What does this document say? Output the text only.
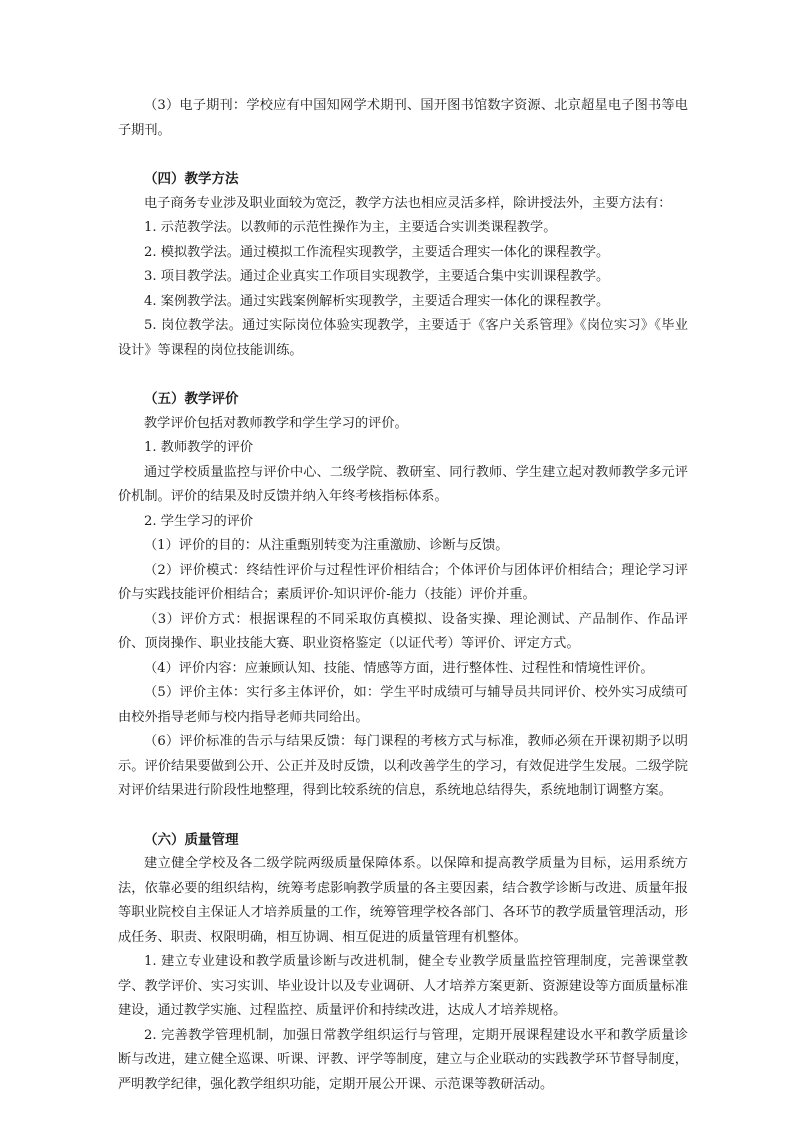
（3）电子期刊：学校应有中国知网学术期刊、国开图书馆数字资源、北京超星电子图书等电子期刊。

（四）教学方法

电子商务专业涉及职业面较为宽泛，教学方法也相应灵活多样，除讲授法外，主要方法有：

1. 示范教学法。以教师的示范性操作为主，主要适合实训类课程教学。

2. 模拟教学法。通过模拟工作流程实现教学，主要适合理实一体化的课程教学。

3. 项目教学法。通过企业真实工作项目实现教学，主要适合集中实训课程教学。

4. 案例教学法。通过实践案例解析实现教学，主要适合理实一体化的课程教学。

5. 岗位教学法。通过实际岗位体验实现教学，主要适于《客户关系管理》《岗位实习》《毕业设计》等课程的岗位技能训练。

（五）教学评价

教学评价包括对教师教学和学生学习的评价。

1. 教师教学的评价

通过学校质量监控与评价中心、二级学院、教研室、同行教师、学生建立起对教师教学多元评价机制。评价的结果及时反馈并纳入年终考核指标体系。

2. 学生学习的评价

（1）评价的目的：从注重甄别转变为注重激励、诊断与反馈。

（2）评价模式：终结性评价与过程性评价相结合；个体评价与团体评价相结合；理论学习评价与实践技能评价相结合；素质评价-知识评价-能力（技能）评价并重。

（3）评价方式：根据课程的不同采取仿真模拟、设备实操、理论测试、产品制作、作品评价、顶岗操作、职业技能大赛、职业资格鉴定（以证代考）等评价、评定方式。

（4）评价内容：应兼顾认知、技能、情感等方面，进行整体性、过程性和情境性评价。

（5）评价主体：实行多主体评价，如：学生平时成绩可与辅导员共同评价、校外实习成绩可由校外指导老师与校内指导老师共同给出。

（6）评价标准的告示与结果反馈：每门课程的考核方式与标准，教师必须在开课初期予以明示。评价结果要做到公开、公正并及时反馈，以利改善学生的学习，有效促进学生发展。二级学院对评价结果进行阶段性地整理，得到比较系统的信息，系统地总结得失，系统地制订调整方案。

（六）质量管理

建立健全学校及各二级学院两级质量保障体系。以保障和提高教学质量为目标，运用系统方法，依靠必要的组织结构，统筹考虑影响教学质量的各主要因素，结合教学诊断与改进、质量年报等职业院校自主保证人才培养质量的工作，统筹管理学校各部门、各环节的教学质量管理活动，形成任务、职责、权限明确，相互协调、相互促进的质量管理有机整体。

1. 建立专业建设和教学质量诊断与改进机制，健全专业教学质量监控管理制度，完善课堂教学、教学评价、实习实训、毕业设计以及专业调研、人才培养方案更新、资源建设等方面质量标准建设，通过教学实施、过程监控、质量评价和持续改进，达成人才培养规格。

2. 完善教学管理机制，加强日常教学组织运行与管理，定期开展课程建设水平和教学质量诊断与改进，建立健全巡课、听课、评教、评学等制度，建立与企业联动的实践教学环节督导制度，严明教学纪律，强化教学组织功能，定期开展公开课、示范课等教研活动。
